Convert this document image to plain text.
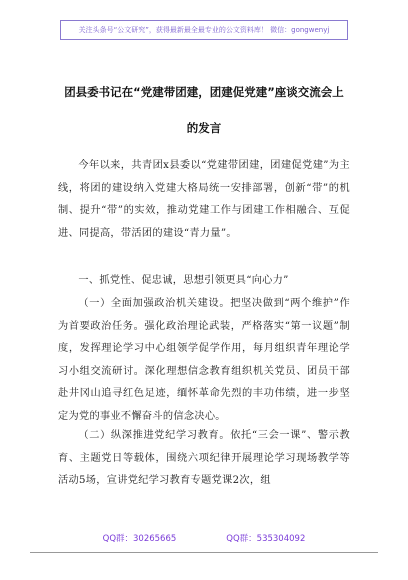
关注头条号“公文研究”，获得最新最全最专业的公文资料库！ 微信：gongwenyj
团县委书记在“党建带团建，团建促党建”座谈交流会上
的发言

今年以来，共青团x县委以“党建带团建，团建促党建”为主线，将团的建设纳入党建大格局统一安排部署，创新“带”的机制、提升“带”的实效，推动党建工作与团建工作相融合、互促进、同提高，带活团的建设“青力量”。

一、抓党性、促忠诚，思想引领更具“向心力”

（一）全面加强政治机关建设。把坚决做到“两个维护”作为首要政治任务。强化政治理论武装，严格落实“第一议题”制度，发挥理论学习中心组领学促学作用，每月组织青年理论学习小组交流研讨。深化理想信念教育组织机关党员、团员干部赴井冈山追寻红色足迹，缅怀革命先烈的丰功伟绩，进一步坚定为党的事业不懈奋斗的信念决心。

（二）纵深推进党纪学习教育。依托“三会一课”、警示教育、主题党日等载体，围绕六项纪律开展理论学习现场教学等活动5场，宣讲党纪学习教育专题党课2次，组

QQ群：30265665	QQ群：535304092
